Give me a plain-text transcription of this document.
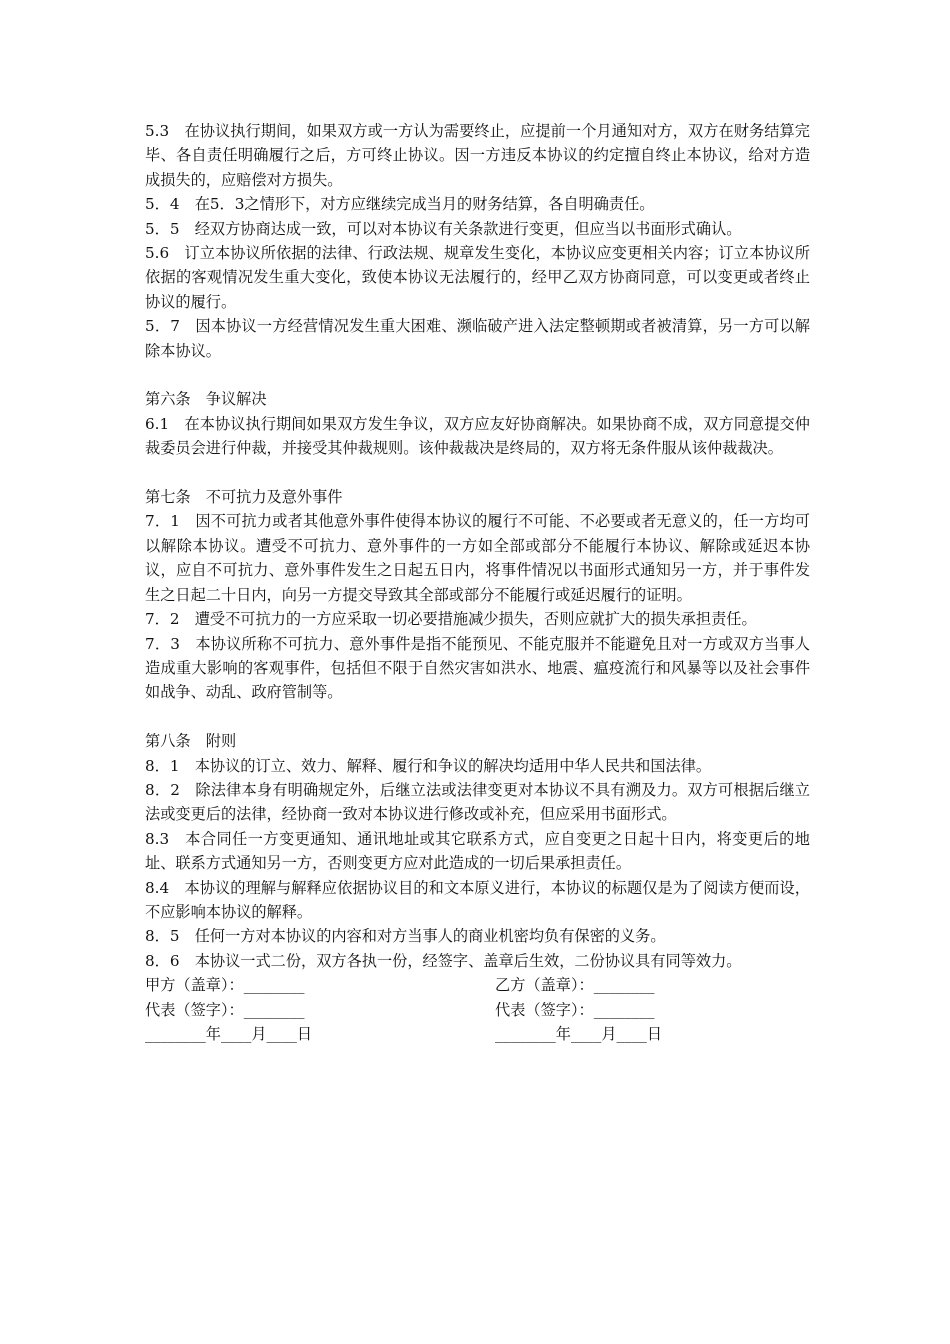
5.3　在协议执行期间，如果双方或一方认为需要终止，应提前一个月通知对方，双方在财务结算完毕、各自责任明确履行之后，方可终止协议。因一方违反本协议的约定擅自终止本协议，给对方造成损失的，应赔偿对方损失。

5．4　在5．3之情形下，对方应继续完成当月的财务结算，各自明确责任。

5．5　经双方协商达成一致，可以对本协议有关条款进行变更，但应当以书面形式确认。

5.6　订立本协议所依据的法律、行政法规、规章发生变化，本协议应变更相关内容；订立本协议所依据的客观情况发生重大变化，致使本协议无法履行的，经甲乙双方协商同意，可以变更或者终止协议的履行。

5．7　因本协议一方经营情况发生重大困难、濒临破产进入法定整顿期或者被清算，另一方可以解除本协议。

第六条　争议解决

6.1　在本协议执行期间如果双方发生争议，双方应友好协商解决。如果协商不成，双方同意提交仲裁委员会进行仲裁，并接受其仲裁规则。该仲裁裁决是终局的，双方将无条件服从该仲裁裁决。

第七条　不可抗力及意外事件

7．1　因不可抗力或者其他意外事件使得本协议的履行不可能、不必要或者无意义的，任一方均可以解除本协议。遭受不可抗力、意外事件的一方如全部或部分不能履行本协议、解除或延迟本协议，应自不可抗力、意外事件发生之日起五日内，将事件情况以书面形式通知另一方，并于事件发生之日起二十日内，向另一方提交导致其全部或部分不能履行或延迟履行的证明。

7．2　遭受不可抗力的一方应采取一切必要措施减少损失，否则应就扩大的损失承担责任。

7．3　本协议所称不可抗力、意外事件是指不能预见、不能克服并不能避免且对一方或双方当事人造成重大影响的客观事件，包括但不限于自然灾害如洪水、地震、瘟疫流行和风暴等以及社会事件如战争、动乱、政府管制等。

第八条　附则

8．1　本协议的订立、效力、解释、履行和争议的解决均适用中华人民共和国法律。

8．2　除法律本身有明确规定外，后继立法或法律变更对本协议不具有溯及力。双方可根据后继立法或变更后的法律，经协商一致对本协议进行修改或补充，但应采用书面形式。

8.3　本合同任一方变更通知、通讯地址或其它联系方式，应自变更之日起十日内，将变更后的地址、联系方式通知另一方，否则变更方应对此造成的一切后果承担责任。

8.4　本协议的理解与解释应依据协议目的和文本原义进行，本协议的标题仅是为了阅读方便而设，不应影响本协议的解释。

8．5　任何一方对本协议的内容和对方当事人的商业机密均负有保密的义务。

8．6　本协议一式二份，双方各执一份，经签字、盖章后生效，二份协议具有同等效力。

甲方（盖章）：________	乙方（盖章）：________
代表（签字）：________	代表（签字）：________
________年____月____日	________年____月____日
